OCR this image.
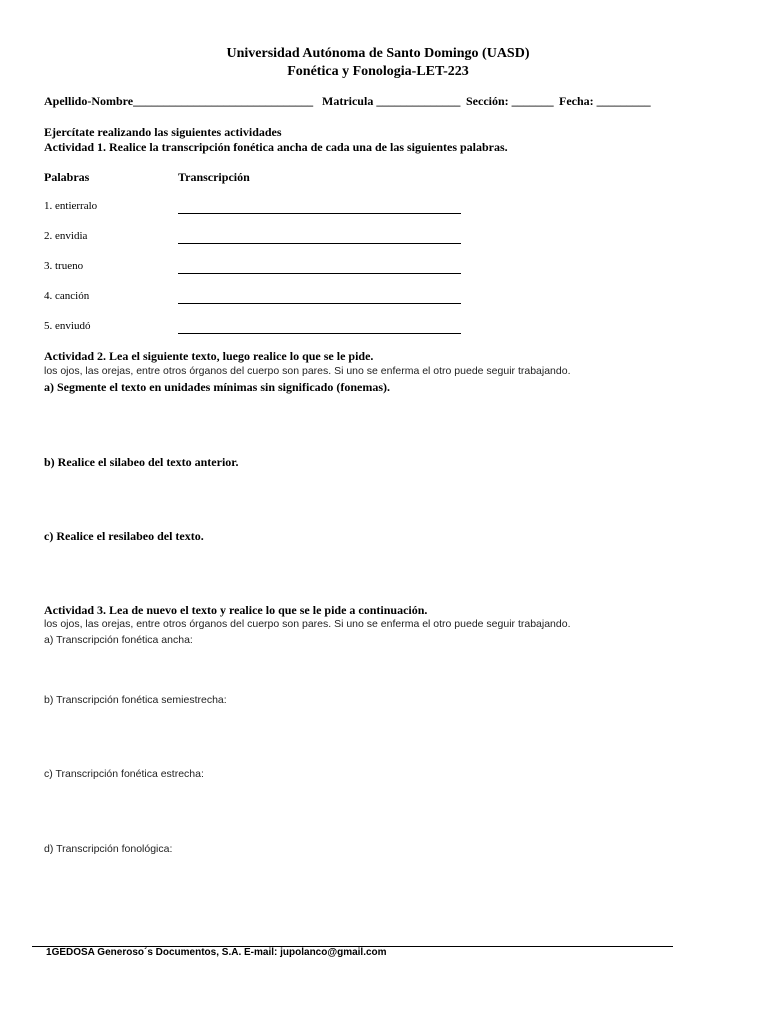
Universidad Autónoma de Santo Domingo (UASD)
Fonética y Fonologia-LET-223
Apellido-Nombre______________________________ Matricula ______________ Sección: _______ Fecha: _________
Ejercítate realizando las siguientes actividades
Actividad 1. Realice la transcripción fonética ancha de cada una de las siguientes palabras.
Palabras	Transcripción
1. entierralo
2. envidia
3. trueno
4. canción
5. enviudó
Actividad 2. Lea el siguiente texto, luego realice lo que se le pide.
los ojos, las orejas, entre otros órganos del cuerpo son pares. Si uno se enferma el otro puede seguir trabajando.
a) Segmente el texto en unidades mínimas sin significado (fonemas).
b) Realice el silabeo del texto anterior.
c) Realice el resilabeo del texto.
Actividad 3. Lea de nuevo el texto y realice lo que se le pide a continuación.
los ojos, las orejas, entre otros órganos del cuerpo son pares. Si uno se enferma el otro puede seguir trabajando.
a) Transcripción fonética ancha:
b) Transcripción fonética semiestrecha:
c) Transcripción fonética estrecha:
d) Transcripción fonológica:
1GEDOSA Generoso´s Documentos, S.A. E-mail: jupolanco@gmail.com
